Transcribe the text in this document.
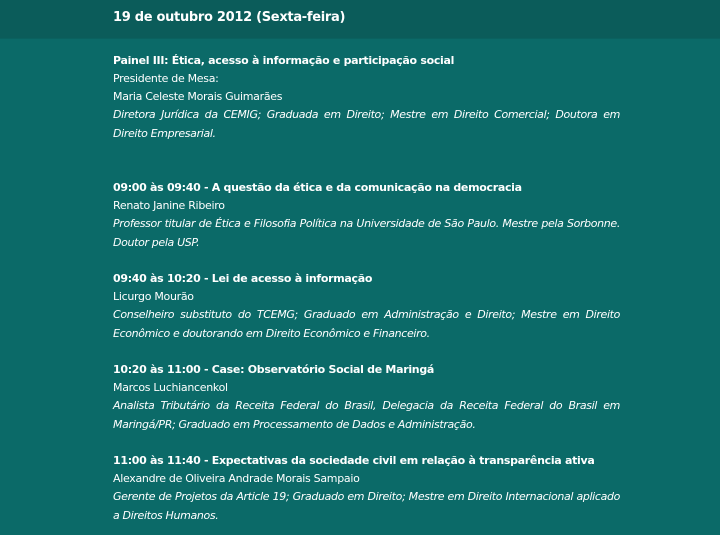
19 de outubro 2012 (Sexta-feira)
Painel III: Ética, acesso à informação e participação social
Presidente de Mesa:
Maria Celeste Morais Guimarães
Diretora Jurídica da CEMIG; Graduada em Direito; Mestre em Direito Comercial; Doutora em Direito Empresarial.
09:00 às 09:40 - A questão da ética e da comunicação na democracia
Renato Janine Ribeiro
Professor titular de Ética e Filosofia Política na Universidade de São Paulo. Mestre pela Sorbonne. Doutor pela USP.
09:40 às 10:20 - Lei de acesso à informação
Licurgo Mourão
Conselheiro substituto do TCEMG; Graduado em Administração e Direito; Mestre em Direito Econômico e doutorando em Direito Econômico e Financeiro.
10:20 às 11:00 - Case: Observatório Social de Maringá
Marcos Luchiancenkol
Analista Tributário da Receita Federal do Brasil, Delegacia da Receita Federal do Brasil em Maringá/PR; Graduado em Processamento de Dados e Administração.
11:00 às 11:40 - Expectativas da sociedade civil em relação à transparência ativa
Alexandre de Oliveira Andrade Morais Sampaio
Gerente de Projetos da Article 19; Graduado em Direito; Mestre em Direito Internacional aplicado a Direitos Humanos.
